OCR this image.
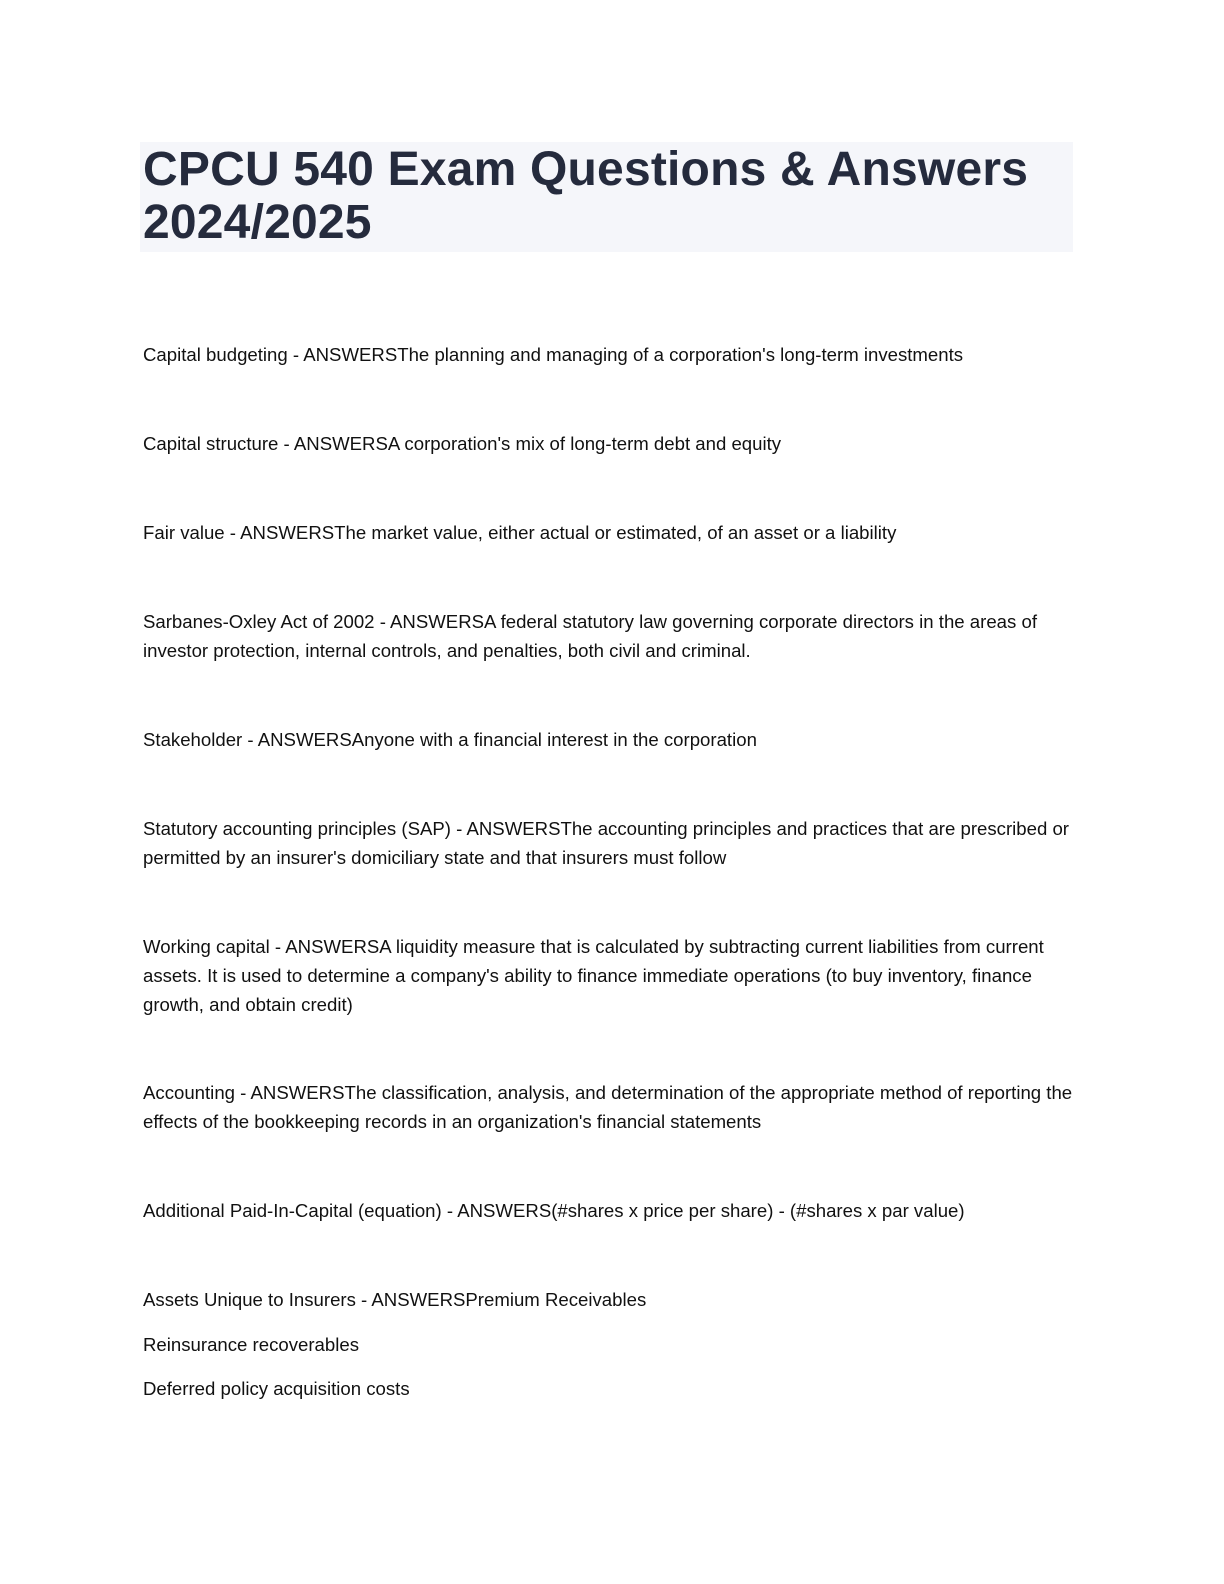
CPCU 540 Exam Questions & Answers 2024/2025

Capital budgeting - ANSWERSThe planning and managing of a corporation's long-term investments

Capital structure - ANSWERSA corporation's mix of long-term debt and equity

Fair value - ANSWERSThe market value, either actual or estimated, of an asset or a liability

Sarbanes-Oxley Act of 2002 - ANSWERSA federal statutory law governing corporate directors in the areas of investor protection, internal controls, and penalties, both civil and criminal.

Stakeholder - ANSWERSAnyone with a financial interest in the corporation

Statutory accounting principles (SAP) - ANSWERSThe accounting principles and practices that are prescribed or permitted by an insurer's domiciliary state and that insurers must follow

Working capital - ANSWERSA liquidity measure that is calculated by subtracting current liabilities from current assets. It is used to determine a company's ability to finance immediate operations (to buy inventory, finance growth, and obtain credit)

Accounting - ANSWERSThe classification, analysis, and determination of the appropriate method of reporting the effects of the bookkeeping records in an organization's financial statements

Additional Paid-In-Capital (equation) - ANSWERS(#shares x price per share) - (#shares x par value)

Assets Unique to Insurers - ANSWERSPremium Receivables

Reinsurance recoverables

Deferred policy acquisition costs
